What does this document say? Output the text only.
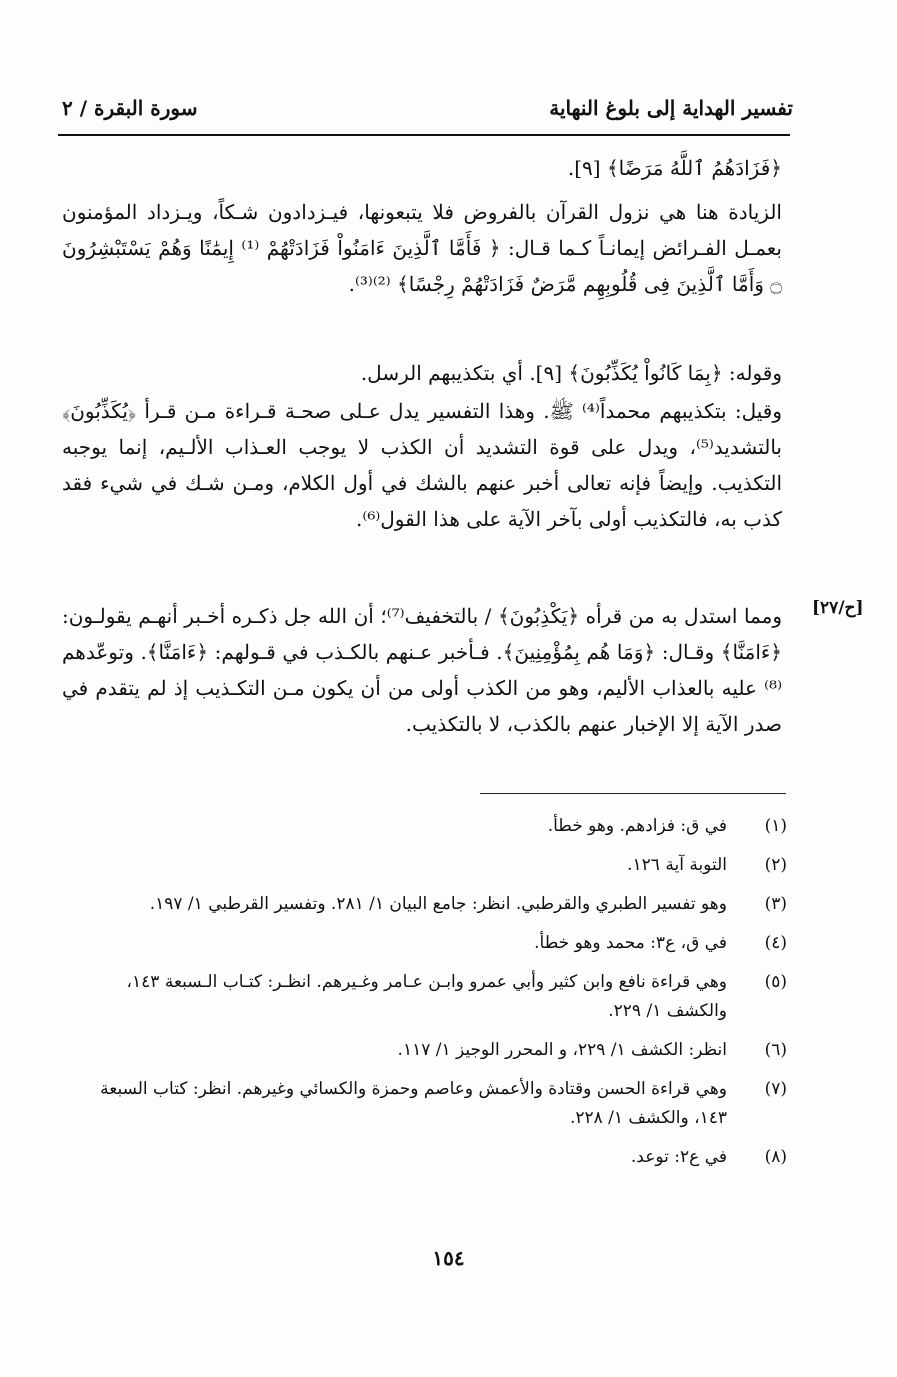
تفسير الهداية إلى بلوغ النهاية
سورة البقرة / ٢
﴿فَزَادَهُمُ ٱللَّهُ مَرَضًا﴾ [٩].
الزيادة هنا هي نزول القرآن بالفروض فلا يتبعونها، فيـزدادون شـكاً، ويـزداد المؤمنون بعمـل الفـرائض إيمانـاً كـما قـال: ﴿ فَأَمَّا ٱلَّذِينَ ءَامَنُواْ فَزَادَتْهُمْ ⁽¹⁾ إِيمَٰنًا وَهُمْ يَسْتَبْشِرُونَ ۝ وَأَمَّا ٱلَّذِينَ فِى قُلُوبِهِم مَّرَضٌ فَزَادَتْهُمْ رِجْسًا﴾ ⁽²⁾⁽³⁾.
وقوله: ﴿بِمَا كَانُواْ يُكَذِّبُونَ﴾ [٩]. أي بتكذيبهم الرسل.
وقيل: بتكذيبهم محمداً⁽⁴⁾ ﷺ. وهذا التفسير يدل عـلى صحـة قـراءة مـن قـرأ ﴿يُكَذِّبُونَ﴾ بالتشديد⁽⁵⁾، ويدل على قوة التشديد أن الكذب لا يوجب العـذاب الألـيم، إنما يوجبه التكذيب. وإيضاً فإنه تعالى أخبر عنهم بالشك في أول الكلام، ومـن شـك في شيء فقد كذب به، فالتكذيب أولى بآخر الآية على هذا القول⁽⁶⁾.
[ح/٢٧]
ومما استدل به من قرأه ﴿يَكْذِبُونَ﴾ / بالتخفيف⁽⁷⁾؛ أن الله جل ذكـره أخـبر أنهـم يقولـون: ﴿ءَامَنَّا﴾ وقـال: ﴿وَمَا هُم بِمُؤْمِنِينَ﴾. فـأخبر عـنهم بالكـذب في قـولهم: ﴿ءَامَنَّا﴾. وتوعّدهم ⁽⁸⁾ عليه بالعذاب الأليم، وهو من الكذب أولى من أن يكون مـن التكـذيب إذ لم يتقدم في صدر الآية إلا الإخبار عنهم بالكذب، لا بالتكذيب.
(١)
في ق: فزادهم. وهو خطأ.
(٢)
التوبة آية ١٢٦.
(٣)
وهو تفسير الطبري والقرطبي. انظر: جامع البيان ١/ ٢٨١. وتفسير القرطبي ١/ ١٩٧.
(٤)
في ق، ع٣: محمد وهو خطأ.
(٥)
وهي قراءة نافع وابن كثير وأبي عمرو وابـن عـامر وغـيرهم. انظـر: كتـاب الـسبعة ١٤٣، والكشف ١/ ٢٢٩.
(٦)
انظر: الكشف ١/ ٢٢٩، و المحرر الوجيز ١/ ١١٧.
(٧)
وهي قراءة الحسن وقتادة والأعمش وعاصم وحمزة والكسائي وغيرهم. انظر: كتاب السبعة ١٤٣، والكشف ١/ ٢٢٨.
(٨)
في ع٢: توعد.
١٥٤
